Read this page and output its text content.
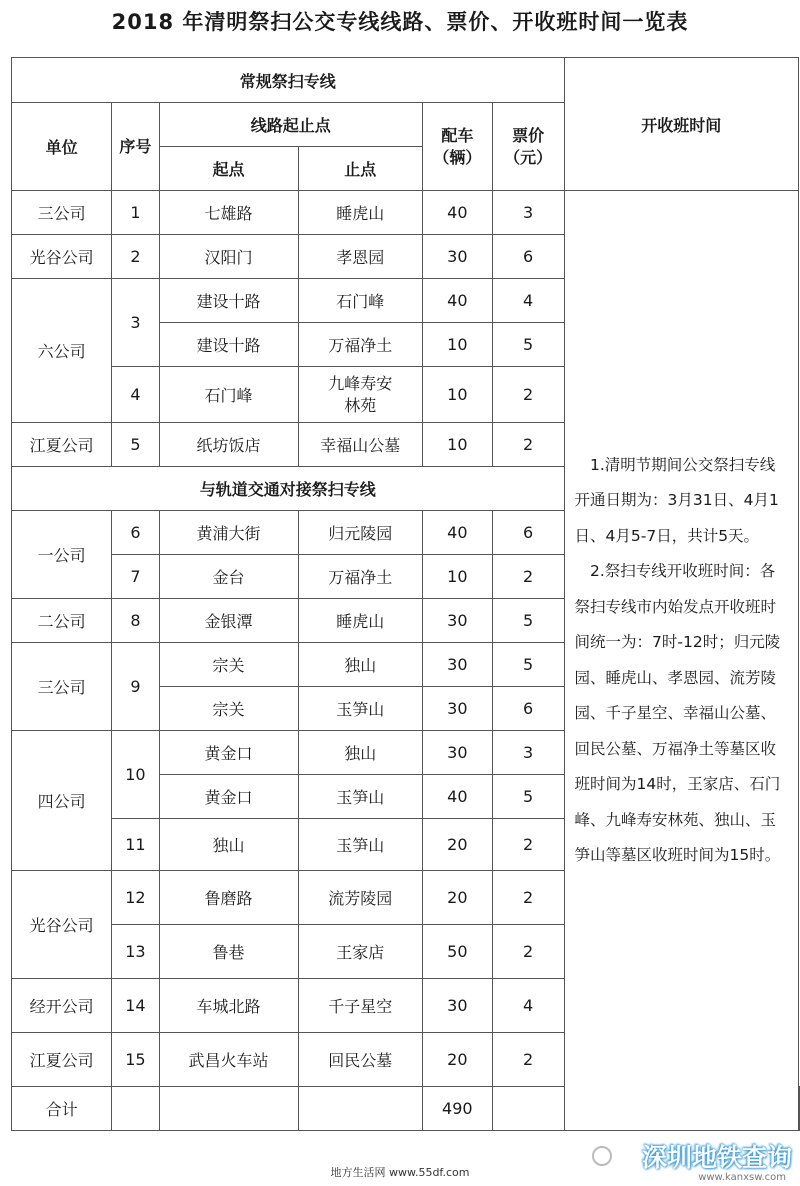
2018 年清明祭扫公交专线线路、票价、开收班时间一览表
常规祭扫专线						开收班时间	
单位	序号	线路起止点		配车（辆）	票价（元）		
		起点	止点				
三公司	1	七雄路	睡虎山	40	3	1.清明节期间公交祭扫专线开通日期为：3月31日、4月1日、4月5-7日，共计5天。

2.祭扫专线开收班时间：各祭扫专线市内始发点开收班时间统一为：7时-12时；归元陵园、睡虎山、孝恩园、流芳陵园、千子星空、幸福山公墓、回民公墓、万福净土等墓区收班时间为14时，王家店、石门峰、九峰寿安林苑、独山、玉笋山等墓区收班时间为15时。	

光谷公司	2	汉阳门	孝恩园	30	6		
六公司	3	建设十路	石门峰	40	4		
		建设十路	万福净土	10	5		
	4	石门峰	九峰寿安林苑	10	2		
江夏公司	5	纸坊饭店	幸福山公墓	10	2		
与轨道交通对接祭扫专线							
一公司	6	黄浦大街	归元陵园	40	6		
	7	金台	万福净土	10	2		
二公司	8	金银潭	睡虎山	30	5		
三公司	9	宗关	独山	30	5		
		宗关	玉笋山	30	6		
四公司	10	黄金口	独山	30	3		
		黄金口	玉笋山	40	5		
	11	独山	玉笋山	20	2		
光谷公司	12	鲁磨路	流芳陵园	20	2		
	13	鲁巷	王家店	50	2		
经开公司	14	车城北路	千子星空	30	4		
江夏公司	15	武昌火车站	回民公墓	20	2		
合计				490			
深圳地铁查询
www.kanxsw.com
地方生活网 www.55df.com
